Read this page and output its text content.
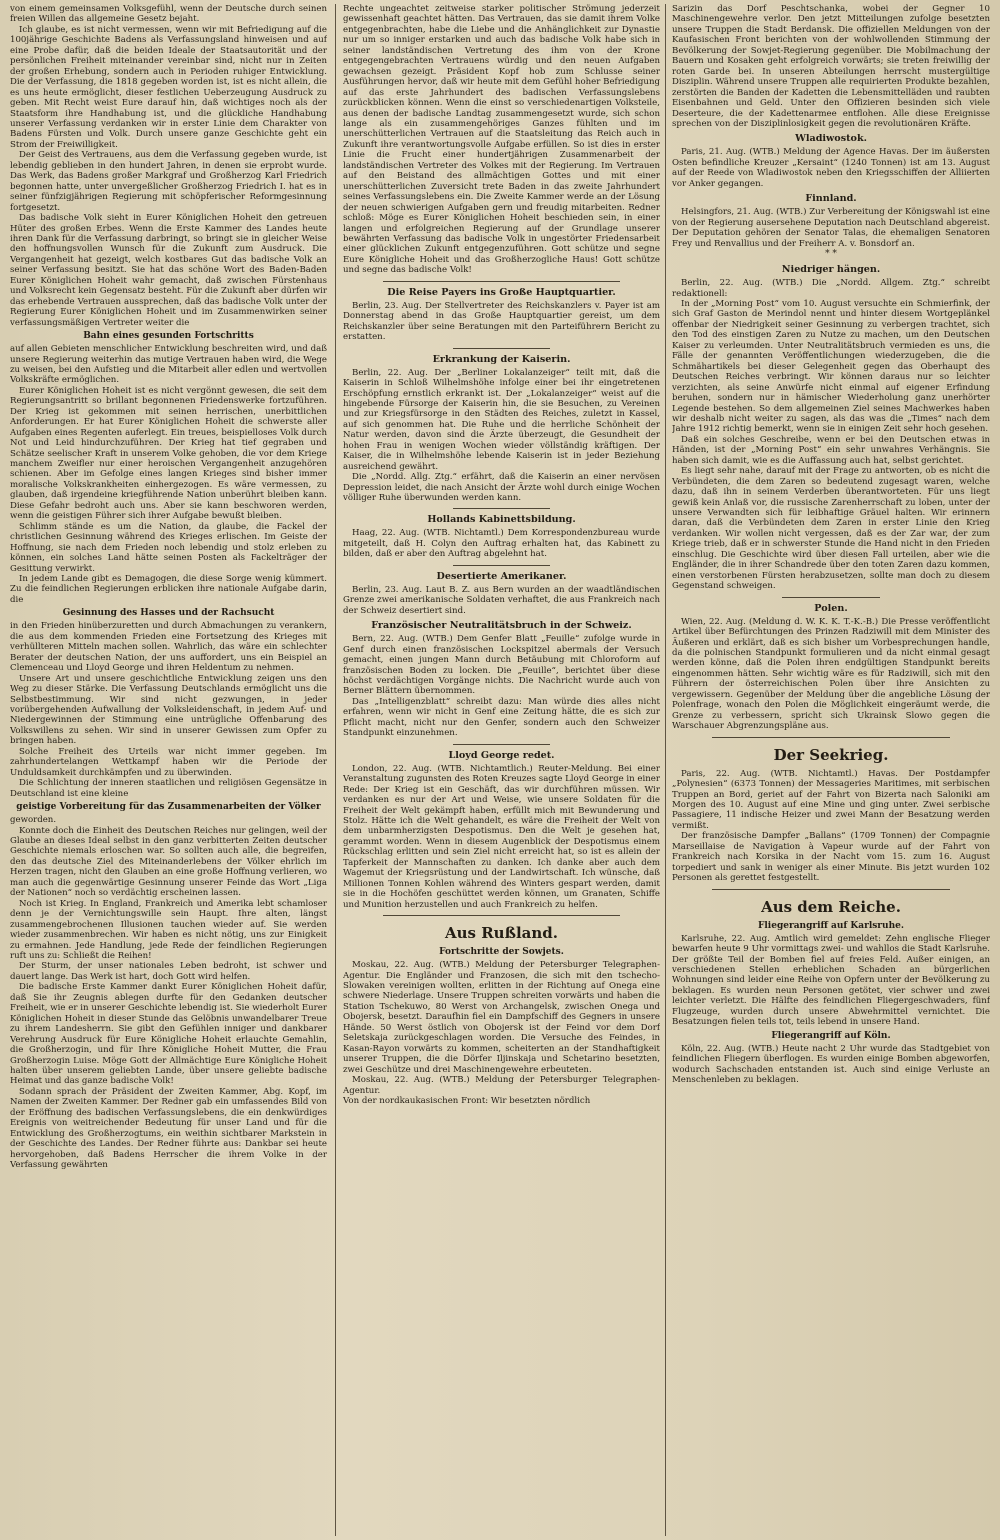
von einem gemeinsamen Volksgefühl, wenn der Deutsche durch seinen freien Willen das allgemeine Gesetz bejaht.

Ich glaube, es ist nicht vermessen, wenn wir mit Befriedigung auf die 100jährige Geschichte Badens als Verfassungsland hinweisen und auf eine Probe dafür, daß die beiden Ideale der Staatsautorität und der persönlichen Freiheit miteinander vereinbar sind, nicht nur in Zeiten der großen Erhebung, sondern auch in Perioden ruhiger Entwicklung. Die der Verfassung, die 1818 gegeben worden ist, ist es nicht allein, die es uns heute ermöglicht, dieser festlichen Ueberzeugung Ausdruck zu geben. Mit Recht weist Eure darauf hin, daß wichtiges noch als der Staatsform ihre Handhabung ist, und die glückliche Handhabung unserer Verfassung verdanken wir in erster Linie dem Charakter von Badens Fürsten und Volk. Durch unsere ganze Geschichte geht ein Strom der Freiwilligkeit.

Der Geist des Vertrauens, aus dem die Verfassung gegeben wurde, ist lebendig geblieben in den hundert Jahren, in denen sie erprobt wurde. Das Werk, das Badens großer Markgraf und Großherzog Karl Friedrich begonnen hatte, unter unvergeßlicher Großherzog Friedrich I. hat es in seiner fünfzigjährigen Regierung mit schöpferischer Reformgesinnung fortgesetzt.

Das badische Volk sieht in Eurer Königlichen Hoheit den getreuen Hüter des großen Erbes. Wenn die Erste Kammer des Landes heute ihren Dank für die Verfassung darbringt, so bringt sie in gleicher Weise den hoffnungsvollen Wunsch für die Zukunft zum Ausdruck. Die Vergangenheit hat gezeigt, welch kostbares Gut das badische Volk an seiner Verfassung besitzt. Sie hat das schöne Wort des Baden-Baden Eurer Königlichen Hoheit wahr gemacht, daß zwischen Fürstenhaus und Volksrecht kein Gegensatz besteht. Für die Zukunft aber dürfen wir das erhebende Vertrauen aussprechen, daß das badische Volk unter der Regierung Eurer Königlichen Hoheit und im Zusammenwirken seiner verfassungsmäßigen Vertreter weiter die

Bahn eines gesunden Fortschritts

auf allen Gebieten menschlicher Entwicklung beschreiten wird, und daß unsere Regierung weiterhin das mutige Vertrauen haben wird, die Wege zu weisen, bei den Aufstieg und die Mitarbeit aller edlen und wertvollen Volkskräfte ermöglichen.

Eurer Königlichen Hoheit ist es nicht vergönnt gewesen, die seit dem Regierungsantritt so brillant begonnenen Friedenswerke fortzuführen. Der Krieg ist gekommen mit seinen herrischen, unerbittlichen Anforderungen. Er hat Eurer Königlichen Hoheit die schwerste aller Aufgaben eines Regenten auferlegt. Ein treues, beispielloses Volk durch Not und Leid hindurchzuführen. Der Krieg hat tief gegraben und Schätze seelischer Kraft in unserem Volke gehoben, die vor dem Kriege manchem Zweifler nur einer heroischen Vergangenheit anzugehören schienen. Aber im Gefolge eines langen Krieges sind bisher immer moralische Volkskrankheiten einhergezogen. Es wäre vermessen, zu glauben, daß irgendeine kriegführende Nation unberührt bleiben kann. Diese Gefahr bedroht auch uns. Aber sie kann beschworen werden, wenn die geistigen Führer sich ihrer Aufgabe bewußt bleiben.

Schlimm stände es um die Nation, da glaube, die Fackel der christlichen Gesinnung während des Krieges erlischen. Im Geiste der Hoffnung, sie nach dem Frieden noch lebendig und stolz erleben zu können, ein solches Land hätte seinen Posten als Fackelträger der Gesittung verwirkt.

In jedem Lande gibt es Demagogen, die diese Sorge wenig kümmert. Zu die feindlichen Regierungen erblicken ihre nationale Aufgabe darin, die

Gesinnung des Hasses und der Rachsucht

in den Frieden hinüberzuretten und durch Abmachungen zu verankern, die aus dem kommenden Frieden eine Fortsetzung des Krieges mit verhüllteren Mitteln machen sollen. Wahrlich, das wäre ein schlechter Berater der deutschen Nation, der uns auffordert, uns ein Beispiel an Clemenceau und Lloyd George und ihren Heldentum zu nehmen.

Unsere Art und unsere geschichtliche Entwicklung zeigen uns den Weg zu dieser Stärke. Die Verfassung Deutschlands ermöglicht uns die Selbstbestimmung. Wir sind nicht gezwungen, in jeder vorübergehenden Aufwallung der Volksleidenschaft, in jedem Auf- und Niedergewinnen der Stimmung eine untrügliche Offenbarung des Volkswillens zu sehen. Wir sind in unserer Gewissen zum Opfer zu bringen haben.

Solche Freiheit des Urteils war nicht immer gegeben. Im zahrhundertelangen Wettkampf haben wir die Periode der Unduldsamkeit durchkämpfen und zu überwinden.

Die Schlichtung der inneren staatlichen und religiösen Gegensätze in Deutschland ist eine kleine

geistige Vorbereitung für das Zusammenarbeiten der Völker

geworden.

Konnte doch die Einheit des Deutschen Reiches nur gelingen, weil der Glaube an dieses Ideal selbst in den ganz verbitterten Zeiten deutscher Geschichte niemals erloschen war. So sollten auch alle, die begreifen, den das deutsche Ziel des Miteinanderlebens der Völker ehrlich im Herzen tragen, nicht den Glauben an eine große Hoffnung verlieren, wo man auch die gegenwärtige Gesinnung unserer Feinde das Wort „Liga der Nationen“ noch so verdächtig erscheinen lassen.

Noch ist Krieg. In England, Frankreich und Amerika lebt schamloser denn je der Vernichtungswille sein Haupt. Ihre alten, längst zusammengebrochenen Illusionen tauchen wieder auf. Sie werden wieder zusammenbrechen. Wir haben es nicht nötig, uns zur Einigkeit zu ermahnen. Jede Handlung, jede Rede der feindlichen Regierungen ruft uns zu: Schließt die Reihen!

Der Sturm, der unser nationales Leben bedroht, ist schwer und dauert lange. Das Werk ist hart, doch Gott wird helfen.

Die badische Erste Kammer dankt Eurer Königlichen Hoheit dafür, daß Sie ihr Zeugnis ablegen durfte für den Gedanken deutscher Freiheit, wie er in unserer Geschichte lebendig ist. Sie wiederholt Eurer Königlichen Hoheit in dieser Stunde das Gelöbnis unwandelbarer Treue zu ihrem Landesherrn. Sie gibt den Gefühlen inniger und dankbarer Verehrung Ausdruck für Eure Königliche Hoheit erlauchte Gemahlin, die Großherzogin, und für Ihre Königliche Hoheit Mutter, die Frau Großherzogin Luise. Möge Gott der Allmächtige Eure Königliche Hoheit halten über unserem geliebten Lande, über unsere geliebte badische Heimat und das ganze badische Volk!

Sodann sprach der Präsident der Zweiten Kammer, Abg. Kopf, im Namen der Zweiten Kammer. Der Redner gab ein umfassendes Bild von der Eröffnung des badischen Verfassungslebens, die ein denkwürdiges Ereignis von weitreichender Bedeutung für unser Land und für die Entwicklung des Großherzogtums, ein weithin sichtbarer Markstein in der Geschichte des Landes. Der Redner führte aus: Dankbar sei heute hervorgehoben, daß Badens Herrscher die ihrem Volke in der Verfassung gewährten

Rechte ungeachtet zeitweise starker politischer Strömung jederzeit gewissenhaft geachtet hätten. Das Vertrauen, das sie damit ihrem Volke entgegenbrachten, habe die Liebe und die Anhänglichkeit zur Dynastie nur um so inniger erstarken und auch das badische Volk habe sich in seiner landständischen Vertretung des ihm von der Krone entgegengebrachten Vertrauens würdig und den neuen Aufgaben gewachsen gezeigt. Präsident Kopf hob zum Schlusse seiner Ausführungen hervor, daß wir heute mit dem Gefühl hoher Befriedigung auf das erste Jahrhundert des badischen Verfassungslebens zurückblicken können. Wenn die einst so verschiedenartigen Volksteile, aus denen der badische Landtag zusammengesetzt wurde, sich schon lange als ein zusammengehöriges Ganzes fühlten und im unerschütterlichen Vertrauen auf die Staatsleitung das Reich auch in Zukunft ihre verantwortungsvolle Aufgabe erfüllen. So ist dies in erster Linie die Frucht einer hundertjährigen Zusammenarbeit der landständischen Vertreter des Volkes mit der Regierung. Im Vertrauen auf den Beistand des allmächtigen Gottes und mit einer unerschütterlichen Zuversicht trete Baden in das zweite Jahrhundert seines Verfassungslebens ein. Die Zweite Kammer werde an der Lösung der neuen schwierigen Aufgaben gern und freudig mitarbeiten. Redner schloß: Möge es Eurer Königlichen Hoheit beschieden sein, in einer langen und erfolgreichen Regierung auf der Grundlage unserer bewährten Verfassung das badische Volk in ungestörter Friedensarbeit einer glücklichen Zukunft entgegenzuführen. Gott schütze und segne Eure Königliche Hoheit und das Großherzogliche Haus! Gott schütze und segne das badische Volk!

Die Reise Payers ins Große Hauptquartier.

Berlin, 23. Aug. Der Stellvertreter des Reichskanzlers v. Payer ist am Donnerstag abend in das Große Hauptquartier gereist, um dem Reichskanzler über seine Beratungen mit den Parteiführern Bericht zu erstatten.

Erkrankung der Kaiserin.

Berlin, 22. Aug. Der „Berliner Lokalanzeiger“ teilt mit, daß die Kaiserin in Schloß Wilhelmshöhe infolge einer bei ihr eingetretenen Erschöpfung ernstlich erkrankt ist. Der „Lokalanzeiger“ weist auf die hingebende Fürsorge der Kaiserin hin, die sie Besuchen, zu Vereinen und zur Kriegsfürsorge in den Städten des Reiches, zuletzt in Kassel, auf sich genommen hat. Die Ruhe und die herrliche Schönheit der Natur werden, davon sind die Ärzte überzeugt, die Gesundheit der hohen Frau in wenigen Wochen wieder völlständig kräftigen. Der Kaiser, die in Wilhelmshöhe lebende Kaiserin ist in jeder Beziehung ausreichend gewährt.

Die „Nordd. Allg. Ztg.“ erfährt, daß die Kaiserin an einer nervösen Depression leidet, die nach Ansicht der Ärzte wohl durch einige Wochen völliger Ruhe überwunden werden kann.

Hollands Kabinettsbildung.

Haag, 22. Aug. (WTB. Nichtamtl.) Dem Korrespondenzbureau wurde mitgeteilt, daß H. Colyn den Auftrag erhalten hat, das Kabinett zu bilden, daß er aber den Auftrag abgelehnt hat.

Desertierte Amerikaner.

Berlin, 23. Aug. Laut B. Z. aus Bern wurden an der waadtländischen Grenze zwei amerikanische Soldaten verhaftet, die aus Frankreich nach der Schweiz desertiert sind.

Französischer Neutralitätsbruch in der Schweiz.

Bern, 22. Aug. (WTB.) Dem Genfer Blatt „Feuille“ zufolge wurde in Genf durch einen französischen Lockspitzel abermals der Versuch gemacht, einen jungen Mann durch Betäubung mit Chloroform auf französischen Boden zu locken. Die „Feuille“, berichtet über diese höchst verdächtigen Vorgänge nichts. Die Nachricht wurde auch von Berner Blättern übernommen.

Das „Intelligenzblatt“ schreibt dazu: Man würde dies alles nicht erfahren, wenn wir nicht in Genf eine Zeitung hätte, die es sich zur Pflicht macht, nicht nur den Genfer, sondern auch den Schweizer Standpunkt einzunehmen.

Lloyd George redet.

London, 22. Aug. (WTB. Nichtamtlich.) Reuter-Meldung. Bei einer Veranstaltung zugunsten des Roten Kreuzes sagte Lloyd George in einer Rede: Der Krieg ist ein Geschäft, das wir durchführen müssen. Wir verdanken es nur der Art und Weise, wie unsere Soldaten für die Freiheit der Welt gekämpft haben, erfüllt mich mit Bewunderung und Stolz. Hätte ich die Welt gehandelt, es wäre die Freiheit der Welt von dem unbarmherzigsten Despotismus. Den die Welt je gesehen hat, gerammt worden. Wenn in diesem Augenblick der Despotismus einem Rückschlag erlitten und sein Ziel nicht erreicht hat, so ist es allein der Tapferkeit der Mannschaften zu danken. Ich danke aber auch dem Wagemut der Kriegsrüstung und der Landwirtschaft. Ich wünsche, daß Millionen Tonnen Kohlen während des Winters gespart werden, damit sie in die Hochöfen geschüttet werden können, um Granaten, Schiffe und Munition herzustellen und auch Frankreich zu helfen.

Aus Rußland.
Fortschritte der Sowjets.

Moskau, 22. Aug. (WTB.) Meldung der Petersburger Telegraphen-Agentur. Die Engländer und Franzosen, die sich mit den tschecho-Slowaken vereinigen wollten, erlitten in der Richtung auf Onega eine schwere Niederlage. Unsere Truppen schreiten vorwärts und haben die Station Tschekuwo, 80 Werst von Archangelsk, zwischen Onega und Obojersk, besetzt. Daraufhin fiel ein Dampfschiff des Gegners in unsere Hände. 50 Werst östlich von Obojersk ist der Feind vor dem Dorf Seletskaja zurückgeschlagen worden. Die Versuche des Feindes, in Kasan-Rayon vorwärts zu kommen, scheiterten an der Standhaftigkeit unserer Truppen, die die Dörfer Iljinskaja und Schetarino besetzten, zwei Geschütze und drei Maschinengewehre erbeuteten.

Moskau, 22. Aug. (WTB.) Meldung der Petersburger Telegraphen-Agentur.

Von der nordkaukasischen Front: Wir besetzten nördlich

Sarizin das Dorf Peschtschanka, wobei der Gegner 10 Maschinengewehre verlor. Den jetzt Mitteilungen zufolge besetzten unsere Truppen die Stadt Berdansk. Die offiziellen Meldungen von der Kaufasischen Front berichten von der wohlwollenden Stimmung der Bevölkerung der Sowjet-Regierung gegenüber. Die Mobilmachung der Bauern und Kosaken geht erfolgreich vorwärts; sie treten freiwillig der roten Garde bei. In unseren Abteilungen herrscht mustergültige Disziplin. Während unsere Truppen alle requirierten Produkte bezahlen, zerstörten die Banden der Kadetten die Lebensmittelläden und raubten Eisenbahnen und Geld. Unter den Offizieren besinden sich viele Deserteure, die der Kadettenarmee entflohen. Alle diese Ereignisse sprechen von der Disziplinlosigkeit gegen die revolutionären Kräfte.

Wladiwostok.

Paris, 21. Aug. (WTB.) Meldung der Agence Havas. Der im äußersten Osten befindliche Kreuzer „Kersaint“ (1240 Tonnen) ist am 13. August auf der Reede von Wladiwostok neben den Kriegsschiffen der Alliierten vor Anker gegangen.

Finnland.

Helsingfors, 21. Aug. (WTB.) Zur Verbereitung der Königswahl ist eine von der Regierung ausersehene Deputation nach Deutschland abgereist. Der Deputation gehören der Senator Talas, die ehemaligen Senatoren Frey und Renvallius und der Freiherr A. v. Bonsdorf an.

* *
Niedriger hängen.

Berlin, 22. Aug. (WTB.) Die „Nordd. Allgem. Ztg.“ schreibt redaktionell:

In der „Morning Post“ vom 10. August versuchte ein Schmierfink, der sich Graf Gaston de Merindol nennt und hinter diesem Wortgeplänkel offenbar der Niedrigkeit seiner Gesinnung zu verbergen trachtet, sich den Tod des einstigen Zaren zu Nutze zu machen, um den Deutschen Kaiser zu verleumden. Unter Neutralitätsbruch vermieden es uns, die Fälle der genannten Veröffentlichungen wiederzugeben, die die Schmähartikels bei dieser Gelegenheit gegen das Oberhaupt des Deutschen Reiches verbringt. Wir können daraus nur so leichter verzichten, als seine Anwürfe nicht einmal auf eigener Erfindung beruhen, sondern nur in hämischer Wiederholung ganz unerhörter Legende bestehen. So dem allgemeinen Ziel seines Machwerkes haben wir deshalb nicht weiter zu sagen, als das was die „Times“ nach dem Jahre 1912 richtig bemerkt, wenn sie in einigen Zeit sehr hoch gesehen.

Daß ein solches Geschreibe, wenn er bei den Deutschen etwas in Händen, ist der „Morning Post“ ein sehr unwahres Verhängnis. Sie haben sich damit, wie es die Auffassung auch hat, selbst gerichtet.

Es liegt sehr nahe, darauf mit der Frage zu antworten, ob es nicht die Verbündeten, die dem Zaren so bedeutend zugesagt waren, welche dazu, daß ihn in seinem Verderben überantworteten. Für uns liegt gewiß kein Anlaß vor, die russische Zarenherrschaft zu loben, unter der unsere Verwandten sich für leibhaftige Gräuel halten. Wir erinnern daran, daß die Verbündeten dem Zaren in erster Linie den Krieg verdanken. Wir wollen nicht vergessen, daß es der Zar war, der zum Kriege trieb, daß er in schwerster Stunde die Hand nicht in den Frieden einschlug. Die Geschichte wird über diesen Fall urteilen, aber wie die Engländer, die in ihrer Schandrede über den toten Zaren dazu kommen, einen verstorbenen Fürsten herabzusetzen, sollte man doch zu diesem Gegenstand schweigen.

Polen.

Wien, 22. Aug. (Meldung d. W. K. K. T.-K.-B.) Die Presse veröffentlicht Artikel über Befürchtungen des Prinzen Radziwill mit dem Minister des Äußeren und erklärt, daß es sich bisher um Vorbesprechungen handle, da die polnischen Standpunkt formulieren und da nicht einmal gesagt werden könne, daß die Polen ihren endgültigen Standpunkt bereits eingenommen hätten. Sehr wichtig wäre es für Radziwill, sich mit den Führern der österreichischen Polen über ihre Ansichten zu vergewissern. Gegenüber der Meldung über die angebliche Lösung der Polenfrage, wonach den Polen die Möglichkeit eingeräumt werde, die Grenze zu verbessern, spricht sich Ukrainsk Slowo gegen die Warschauer Abgrenzungspläne aus.

Der Seekrieg.

Paris, 22. Aug. (WTB. Nichtamtl.) Havas. Der Postdampfer „Polynesien“ (6373 Tonnen) der Messageries Maritimes, mit serbischen Truppen an Bord, geriet auf der Fahrt von Bizerta nach Saloniki am Morgen des 10. August auf eine Mine und ging unter. Zwei serbische Passagiere, 11 indische Heizer und zwei Mann der Besatzung werden vermißt.

Der französische Dampfer „Ballans“ (1709 Tonnen) der Compagnie Marseillaise de Navigation à Vapeur wurde auf der Fahrt von Frankreich nach Korsika in der Nacht vom 15. zum 16. August torpediert und sank in weniger als einer Minute. Bis jetzt wurden 102 Personen als gerettet festgestellt.

Aus dem Reiche.
Fliegerangriff auf Karlsruhe.

Karlsruhe, 22. Aug. Amtlich wird gemeldet: Zehn englische Flieger bewarfen heute 9 Uhr vormittags zwei- und wahllos die Stadt Karlsruhe. Der größte Teil der Bomben fiel auf freies Feld. Außer einigen, an verschiedenen Stellen erheblichen Schaden an bürgerlichen Wohnungen sind leider eine Reihe von Opfern unter der Bevölkerung zu beklagen. Es wurden neun Personen getötet, vier schwer und zwei leichter verletzt. Die Hälfte des feindlichen Fliegergeschwaders, fünf Flugzeuge, wurden durch unsere Abwehrmittel vernichtet. Die Besatzungen fielen teils tot, teils lebend in unsere Hand.

Fliegerangriff auf Köln.

Köln, 22. Aug. (WTB.) Heute nacht 2 Uhr wurde das Stadtgebiet von feindlichen Fliegern überflogen. Es wurden einige Bomben abgeworfen, wodurch Sachschaden entstanden ist. Auch sind einige Verluste an Menschenleben zu beklagen.
